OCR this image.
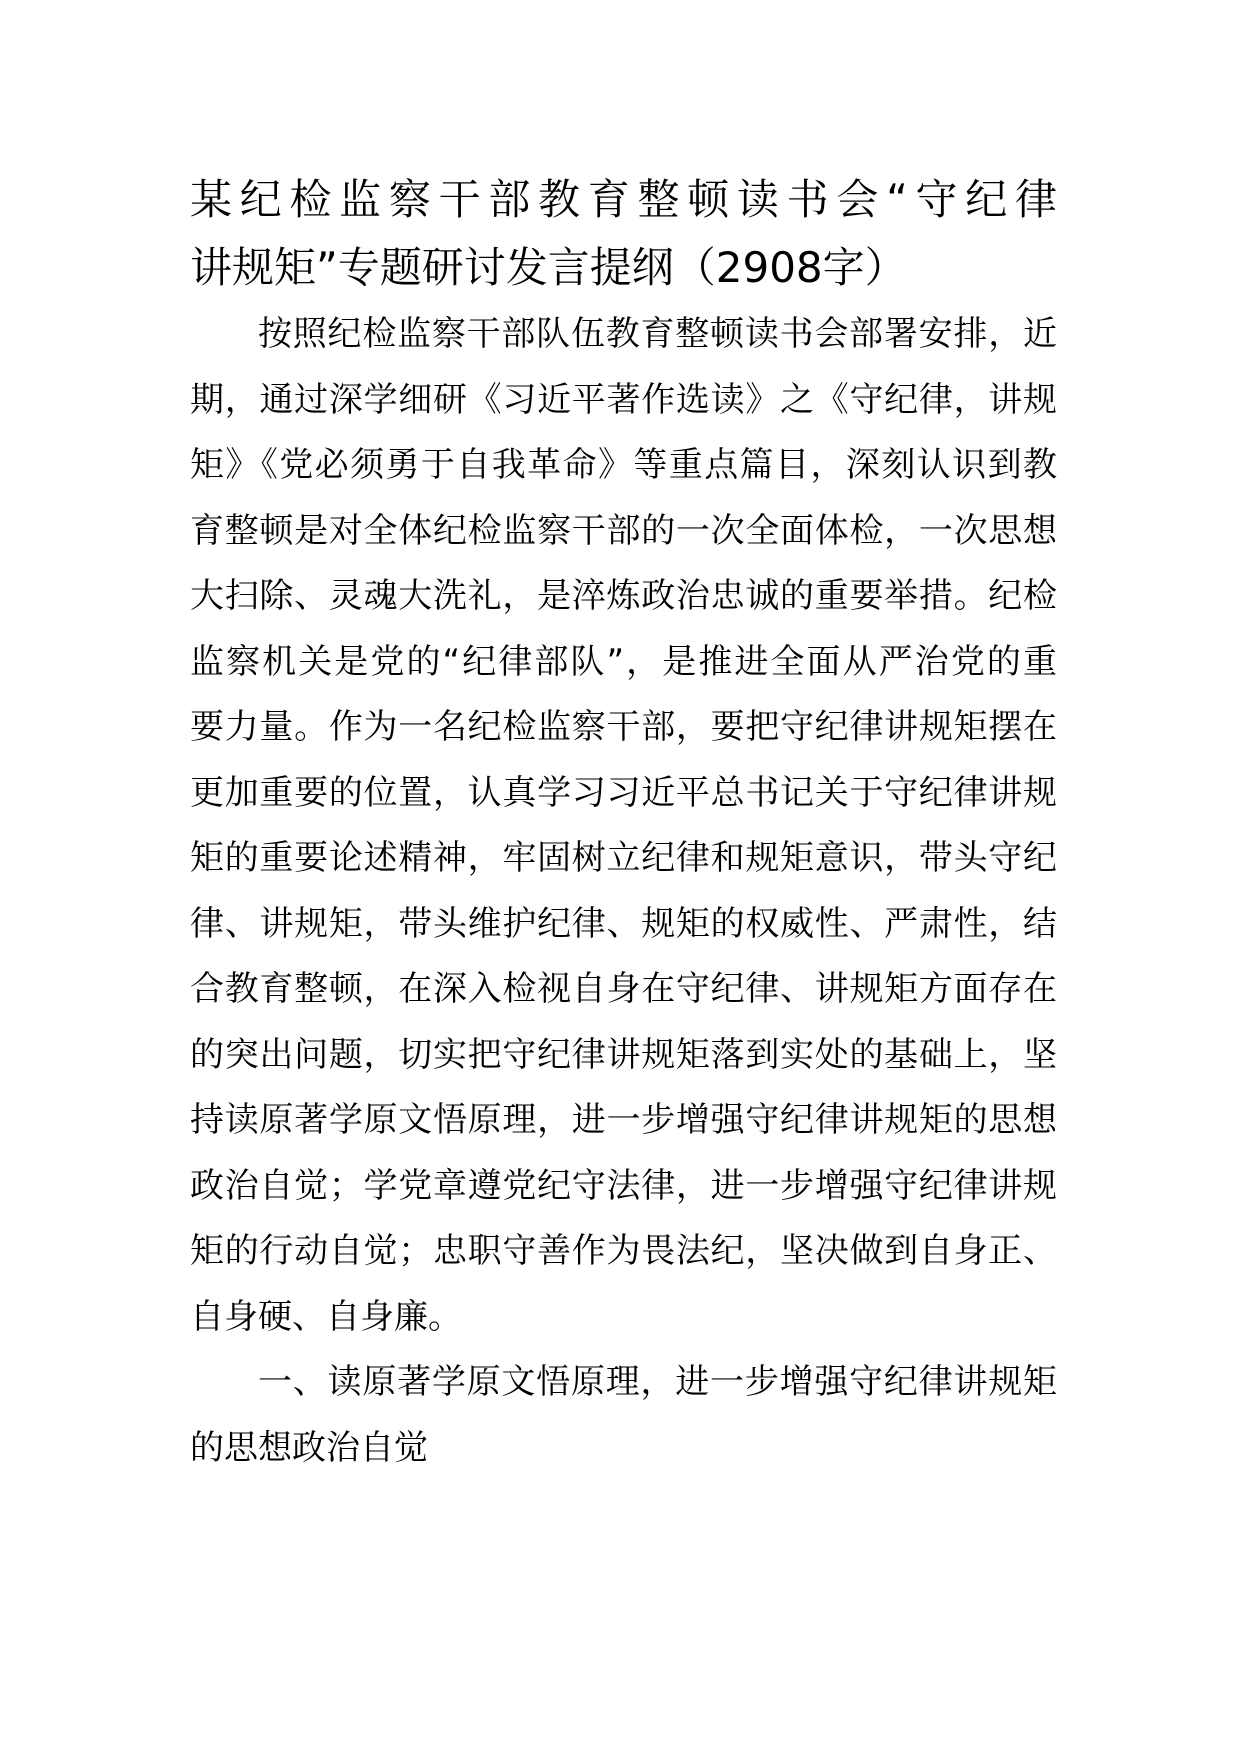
某纪检监察干部教育整顿读书会“守纪律
讲规矩”专题研讨发言提纲（2908字）
按照纪检监察干部队伍教育整顿读书会部署安排，近
期，通过深学细研《习近平著作选读》之《守纪律，讲规
矩》《党必须勇于自我革命》等重点篇目，深刻认识到教
育整顿是对全体纪检监察干部的一次全面体检，一次思想
大扫除、灵魂大洗礼，是淬炼政治忠诚的重要举措。纪检
监察机关是党的“纪律部队”，是推进全面从严治党的重
要力量。作为一名纪检监察干部，要把守纪律讲规矩摆在
更加重要的位置，认真学习习近平总书记关于守纪律讲规
矩的重要论述精神，牢固树立纪律和规矩意识，带头守纪
律、讲规矩，带头维护纪律、规矩的权威性、严肃性，结
合教育整顿，在深入检视自身在守纪律、讲规矩方面存在
的突出问题，切实把守纪律讲规矩落到实处的基础上，坚
持读原著学原文悟原理，进一步增强守纪律讲规矩的思想
政治自觉；学党章遵党纪守法律，进一步增强守纪律讲规
矩的行动自觉；忠职守善作为畏法纪，坚决做到自身正、
自身硬、自身廉。
一、读原著学原文悟原理，进一步增强守纪律讲规矩
的思想政治自觉
